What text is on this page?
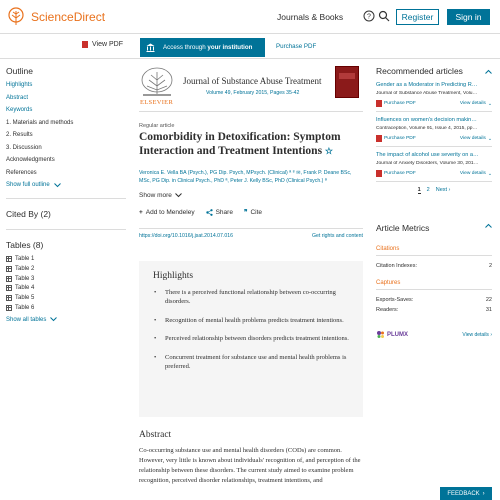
ScienceDirect	Journals & Books	?	Register	Sign in
View PDF	Access through your institution	Purchase PDF
Outline
Highlights
Abstract
Keywords
1. Materials and methods
2. Results
3. Discussion
Acknowledgments
References
Show full outline
Cited By (2)
Tables (8)
Table 1
Table 2
Table 3
Table 4
Table 5
Table 6
Show all tables
ELSEVIER
Journal of Substance Abuse Treatment
Volume 49, February 2015, Pages 35-42
Regular article
Comorbidity in Detoxification: Symptom Interaction and Treatment Intentions ☆
Veronica E. Vella BA (Psych.), PG Dip. Psych, MPsych. (Clinical) ª ⁸ ✉, Frank P. Deane BSc, MSc, PG Dip. in Clinical Psych., PhD ª, Peter J. Kelly BSc, PhD (Clinical Psych.) ª
Show more
+ Add to Mendeley	Share ❞ Cite
https://doi.org/10.1016/j.jsat.2014.07.016	Get rights and content
Highlights
• There is a perceived functional relationship between co-occurring disorders.
• Recognition of mental health problems predicts treatment intentions.
• Perceived relationship between disorders predicts treatment intentions.
• Concurrent treatment for substance use and mental health problems is preferred.
Abstract

Co-occurring substance use and mental health disorders (CODs) are common. However, very little is known about individuals' recognition of, and perception of the relationship between these disorders. The current study aimed to examine problem recognition, perceived disorder relationships, treatment intentions, and

Recommended articles
Gender as a Moderator in Predicting R…
Journal of Substance Abuse Treatment, Volu…
Purchase PDF	View details ⌄
Influences on women's decision makin…
Contraception, Volume 91, Issue 4, 2015, pp…
Purchase PDF	View details ⌄
The impact of alcohol use severity on a…
Journal of Anxiety Disorders, Volume 30, 201…
Purchase PDF	View details ⌄
1 2 Next ›
Article Metrics
Citations
Citation Indexes:	2
Captures
Exports-Saves:	22
Readers:	31
PLUMX	View details ›
FEEDBACK ›
